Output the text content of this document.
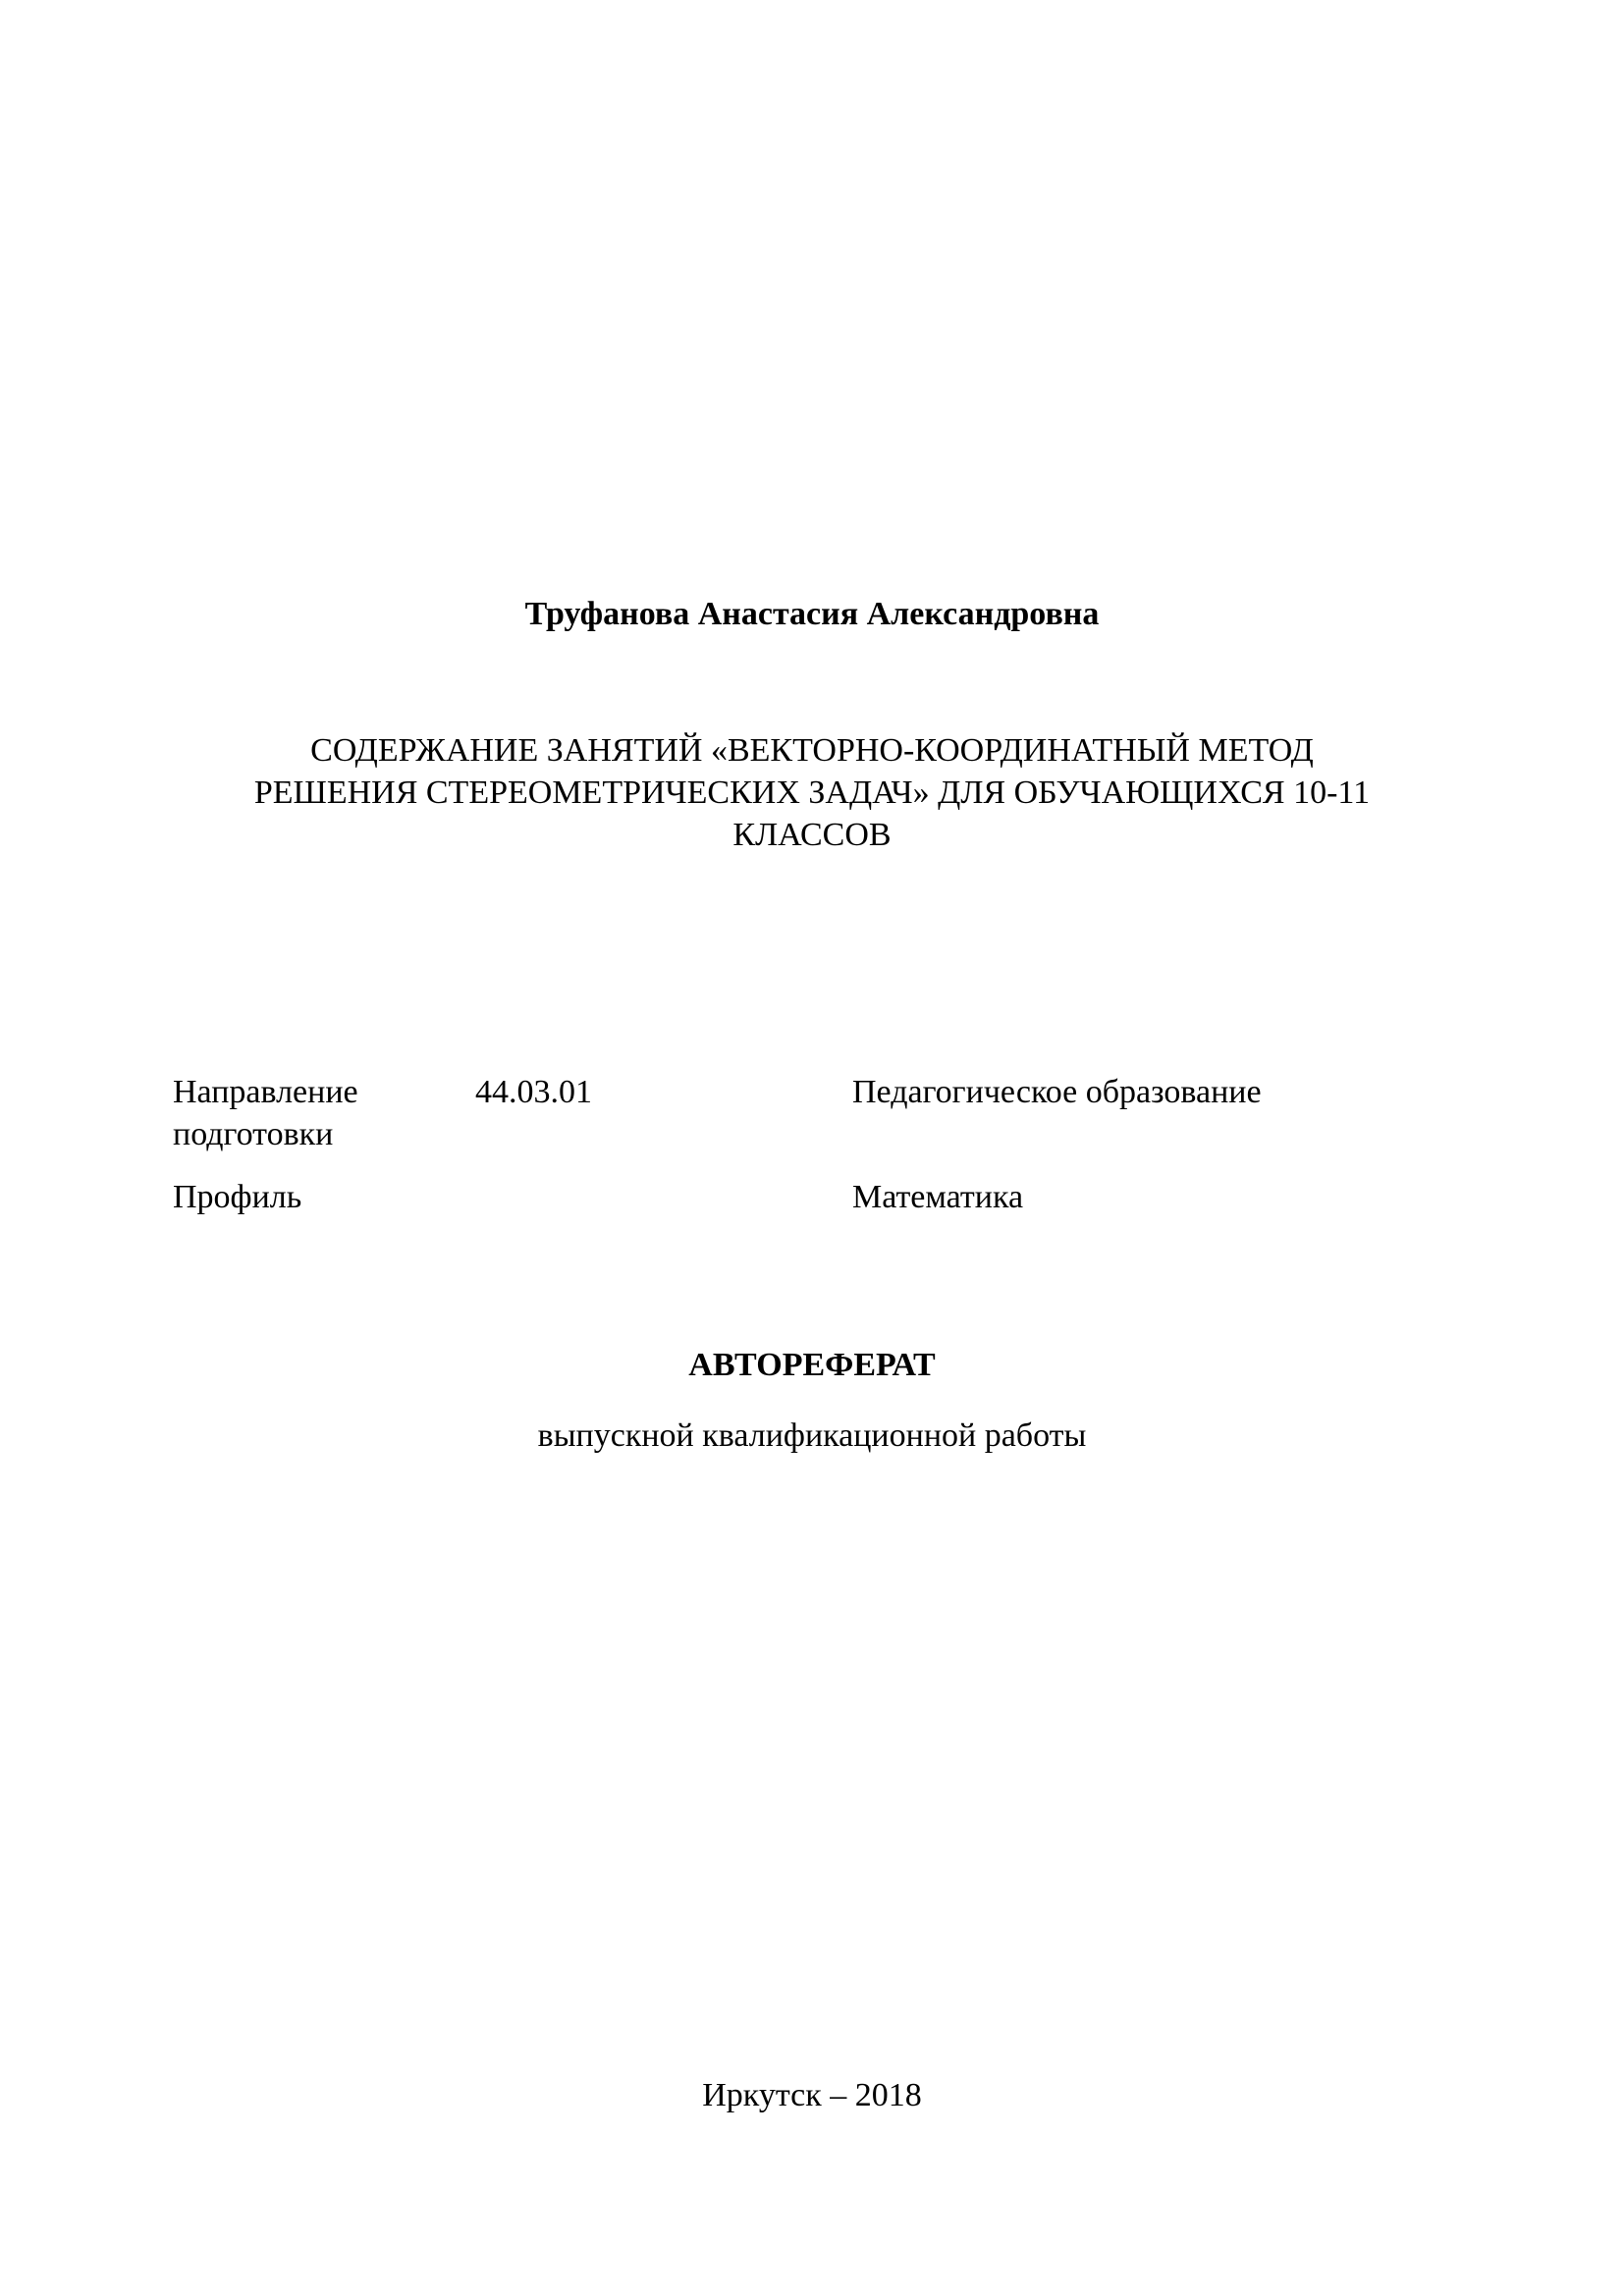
Труфанова Анастасия Александровна
СОДЕРЖАНИЕ ЗАНЯТИЙ «ВЕКТОРНО-КООРДИНАТНЫЙ МЕТОД
РЕШЕНИЯ СТЕРЕОМЕТРИЧЕСКИХ ЗАДАЧ» ДЛЯ ОБУЧАЮЩИХСЯ 10-11
КЛАССОВ
Направление подготовки
44.03.01	Педагогическое образование
Профиль	Математика
АВТОРЕФЕРАТ
выпускной квалификационной работы
Иркутск – 2018
